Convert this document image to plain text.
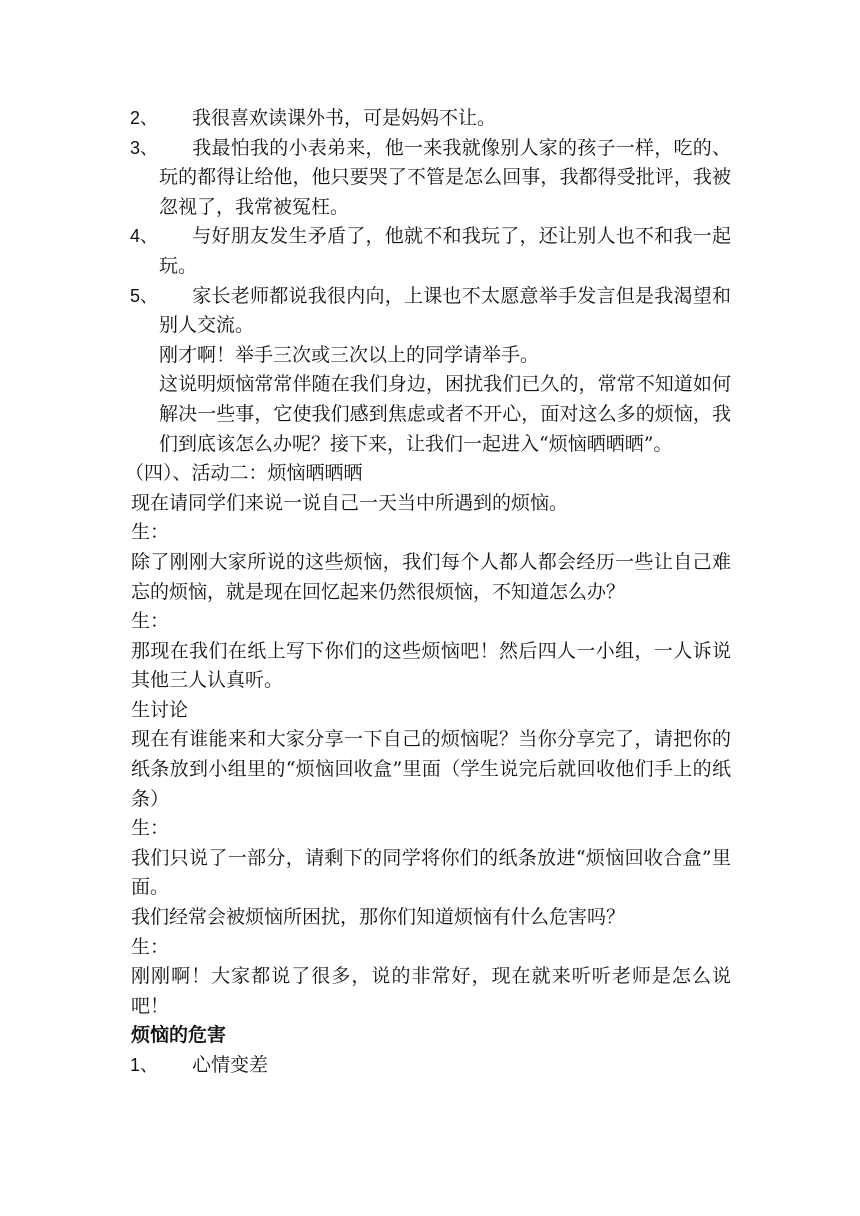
2、	我很喜欢读课外书，可是妈妈不让。
3、	我最怕我的小表弟来，他一来我就像别人家的孩子一样，吃的、玩的都得让给他，他只要哭了不管是怎么回事，我都得受批评，我被忽视了，我常被冤枉。
4、	与好朋友发生矛盾了，他就不和我玩了，还让别人也不和我一起玩。
5、	家长老师都说我很内向，上课也不太愿意举手发言但是我渴望和别人交流。

刚才啊！举手三次或三次以上的同学请举手。

这说明烦恼常常伴随在我们身边，困扰我们已久的，常常不知道如何解决一些事，它使我们感到焦虑或者不开心，面对这么多的烦恼，我们到底该怎么办呢？接下来，让我们一起进入“烦恼晒晒晒”。

（四）、活动二：烦恼晒晒晒

现在请同学们来说一说自己一天当中所遇到的烦恼。

生：

除了刚刚大家所说的这些烦恼，我们每个人都人都会经历一些让自己难忘的烦恼，就是现在回忆起来仍然很烦恼，不知道怎么办？

生：

那现在我们在纸上写下你们的这些烦恼吧！然后四人一小组，一人诉说其他三人认真听。

生讨论

现在有谁能来和大家分享一下自己的烦恼呢？当你分享完了，请把你的纸条放到小组里的“烦恼回收盒”里面（学生说完后就回收他们手上的纸条）

生：

我们只说了一部分，请剩下的同学将你们的纸条放进“烦恼回收合盒”里面。

我们经常会被烦恼所困扰，那你们知道烦恼有什么危害吗？

生：

刚刚啊！大家都说了很多，说的非常好，现在就来听听老师是怎么说吧！

烦恼的危害

1、	心情变差
